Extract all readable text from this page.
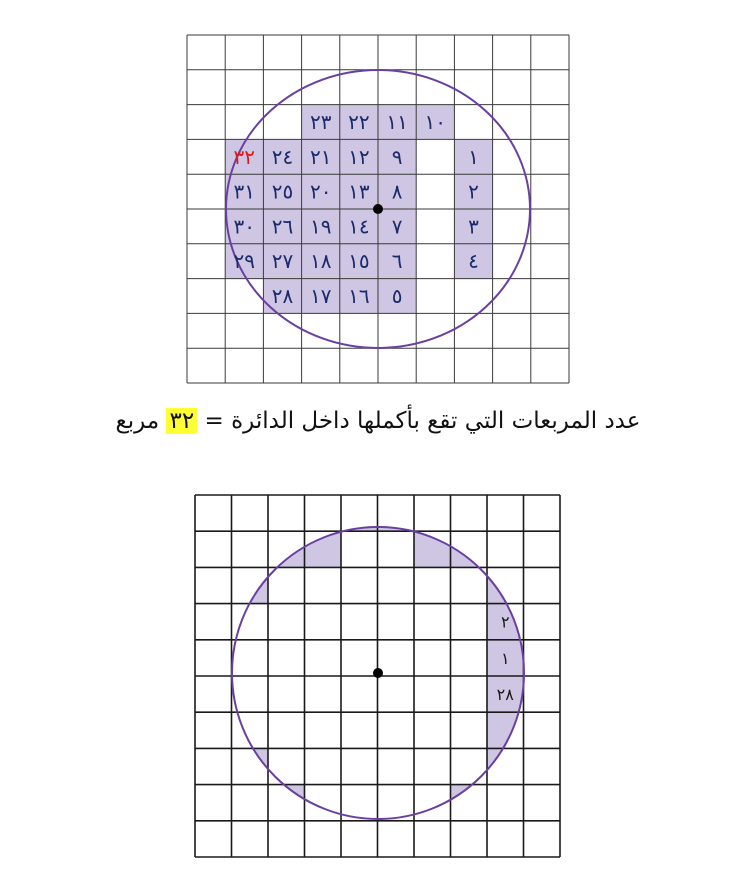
٢٣ ٢٢ ١١ ١٠
٢٤ ٢١ ١٢ ٩	١
٣١ ٢٥ ٢٠ ١٣ ٨	٢
٣٠ ٢٦ ١٩ ١٤ ٧	٣
٢٩ ٢٧ ١٨ ١٥ ٦	٤
٢٨ ١٧ ١٦ ٥
٣٢
٢
١
٢٨
عدد المربعات التي تقع بأكملها داخل الدائرة = ٣٢ مربع
